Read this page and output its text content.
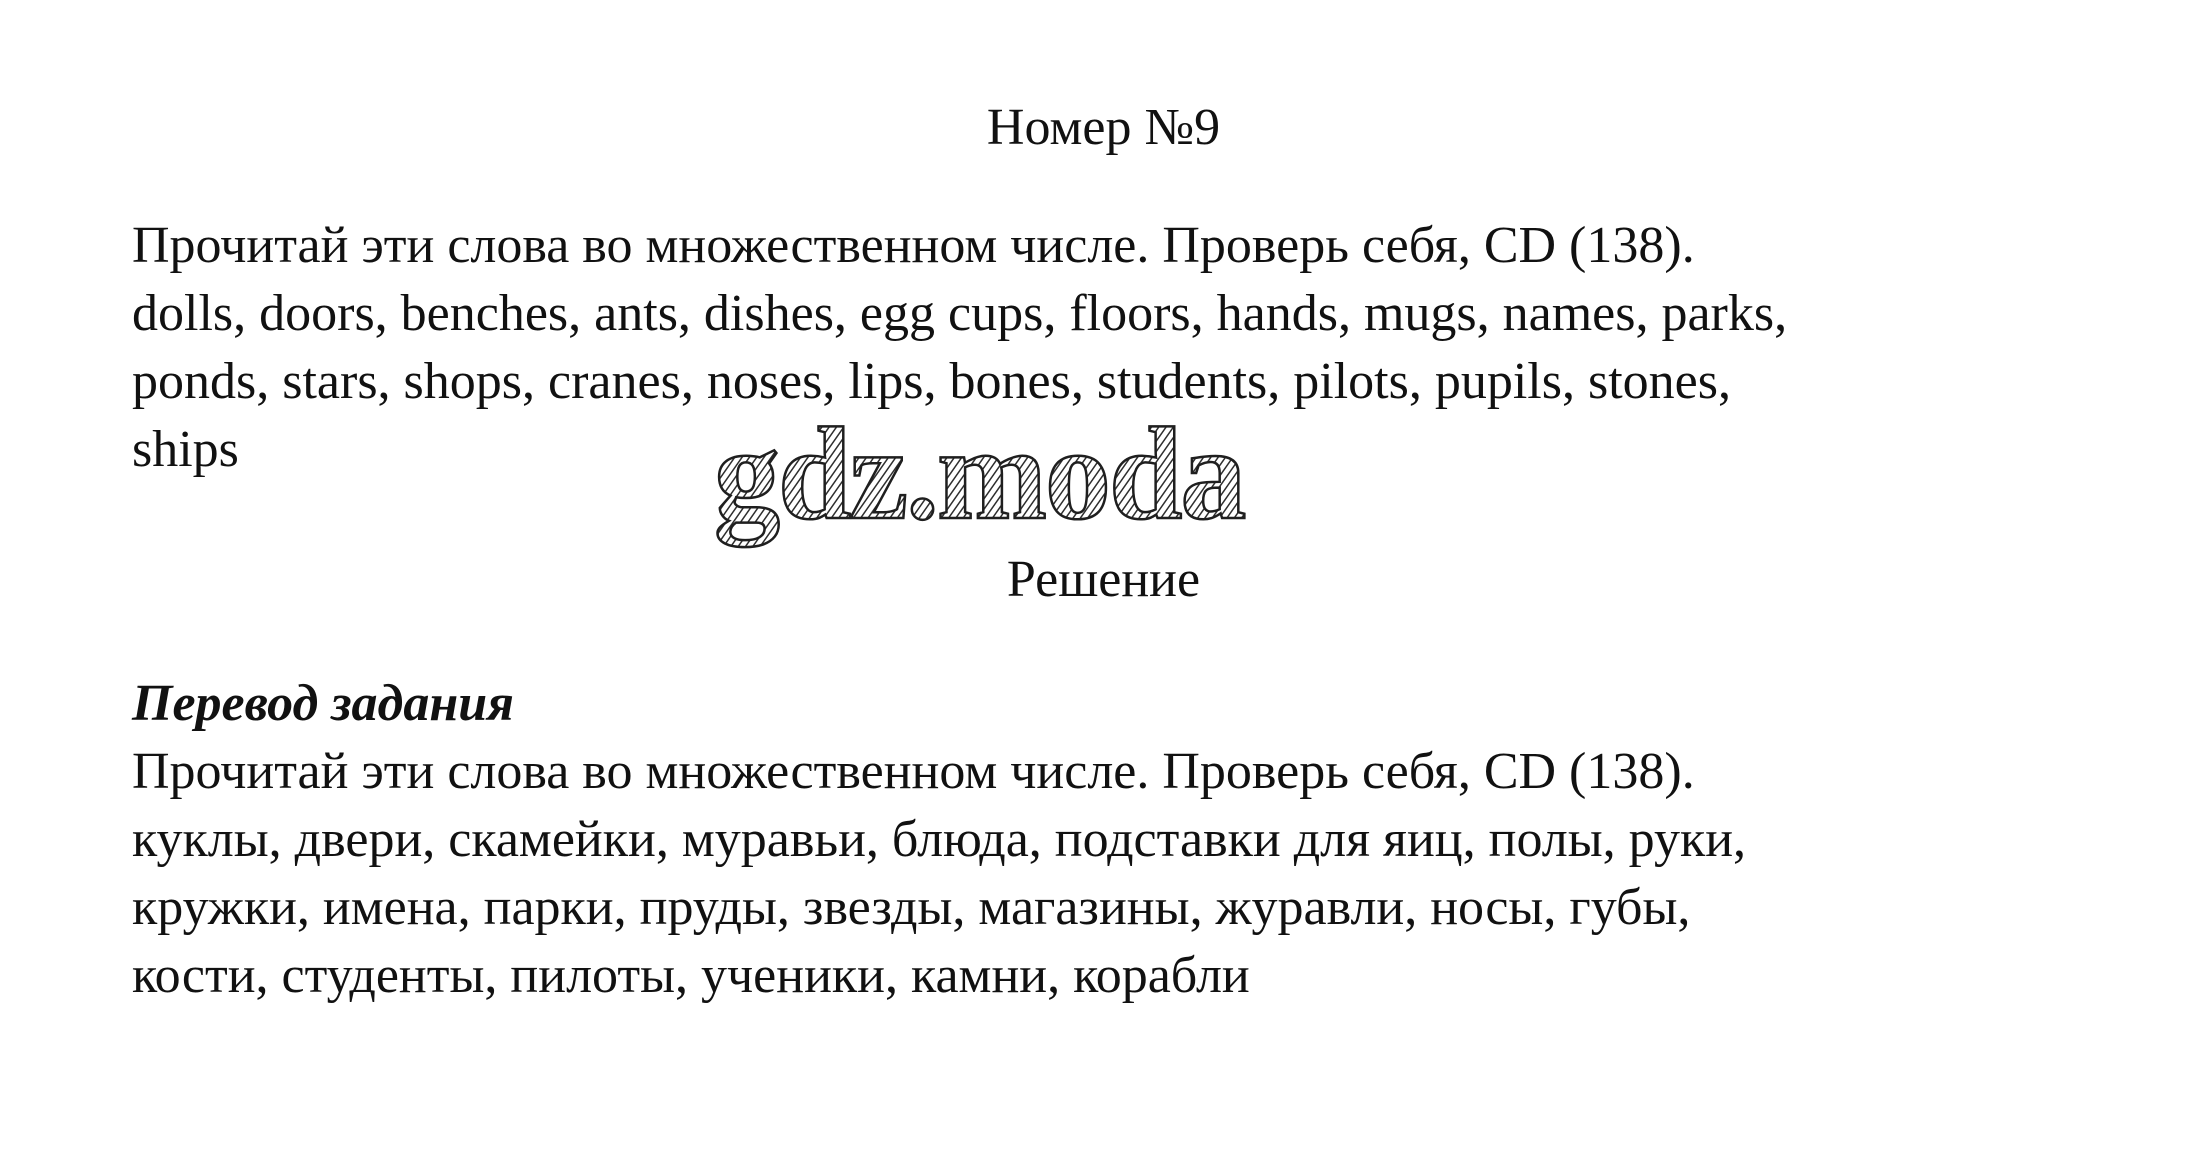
Номер №9

Прочитай эти слова во множественном числе. Проверь себя, CD (138).

dolls, doors, benches, ants, dishes, egg cups, floors, hands, mugs, names, parks,

ponds, stars, shops, cranes, noses, lips, bones, students, pilots, pupils, stones,

ships	gdz.moda
Решение
Перевод задания

Прочитай эти слова во множественном числе. Проверь себя, CD (138).

куклы, двери, скамейки, муравьи, блюда, подставки для яиц, полы, руки,

кружки, имена, парки, пруды, звезды, магазины, журавли, носы, губы,

кости, студенты, пилоты, ученики, камни, корабли
